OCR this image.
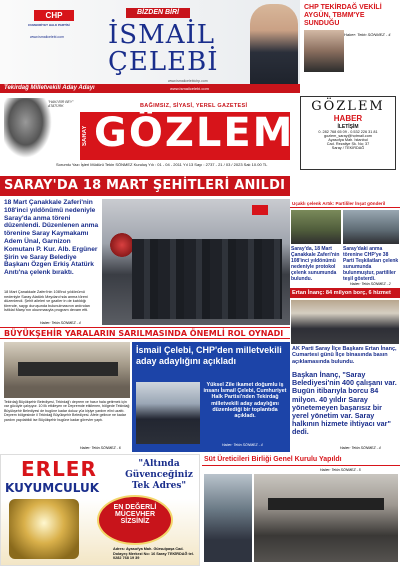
CHP
CUMHURİYET HALK PARTİSİ
www.ismailcelebi.com
BİZDEN BİRİ
İSMAİL
ÇELEBİ
www.ismailcelebichp.com
Tekirdağ Milletvekili Aday Adayı	www.ismailcelebi.com
CHP TEKİRDAĞ VEKİLİ AYGÜN, TBMM'YE SUNDUĞU
Haber: Tekin SÖNMEZ - 4
"HAKİ BİR BEY" ATATÜRK	BAĞIMSIZ, SİYASİ, YEREL GAZETESİ
SARAY GÖZLEM
Sorumlu Yazı İşleri Müdürü Tekin SÖNMEZ Kuruluş Yılı : 01 - 04 - 2011 Yıl 13 Sayı : 2737 - 21 / 03 / 2023 Salı 10.00 TL
GÖZLEM
HABER
İLETİŞİM
0. 282 768 65 09 - 0.532 226 31 81
gozlem_saray@hotmail.com
Ayasofya Mah. İstanbul
Cad. Rezaliye Sk. No: 37
Saray / TEKİRDAĞ
SARAY'DA 18 MART ŞEHİTLERİ ANILDI
18 Mart Çanakkale Zaferi'nin 108'inci yıldönümü nedeniyle Saray'da anma töreni düzenlendi. Düzenlenen anma törenine Saray Kaymakamı Adem Ünal, Garnizon Komutanı P. Kur. Alb. Ergüner Şirin ve Saray Belediye Başkanı Özgen Erkiş Atatürk Anıtı'na çelenk bıraktı.
18 Mart Çanakkale Zaferi'nin 108'inci yıldönümü nedeniyle Saray Atatürk Meydanı'nda anma töreni düzenlendi. Şehit aileleri ve gaziler in de katıldığı törende, saygı duruşunda bulunulmasının ardından İstiklal Marşı'nın okunmasıyla program devam etti.
Haber: Tekin SÖNMEZ - 4
Uçaklı çelenk Artık: Partililer İnşat gönderil
Saray'da, 18 Mart Çanakkale Zaferi'nin 108'inci yıldönümü nedeniyle protokol çelenk sunumunda bulundu.
Saray'daki anma törenine CHP'ye 38 Parti Teşkilatları çelenk sunumunda bulunmuştur, partililer teşil gösterdi.
Haber: Tekin SÖNMEZ - 2
Ertan İnanç: 84 milyon borç, 6 hizmet
BÜYÜKŞEHİR YARALARIN SARILMASINDA ÖNEMLİ ROL OYNADI
Tekirdağ Büyükşehir Belediyesi, Tekirdağ'ı deprem ve hasır hala getirmek için var gücüyle çalışıyor. 10 ilk etkileyen ve Depremde etkilenen, bölgede Tekirdağ Büyükşehir Belediyesi de bugüne kadar dokuz yüz kişiye yardım elini uzattı. Deprem bölgesinde il Tekirdağ Büyükşehir Belediyesi. Afete gelince ne kadar yardım yapılabildi ise Büyükşehir bugüne kadar görevler yaptı.
Haber: Tekin SÖNMEZ - 6
İsmail Çelebi, CHP'den milletvekili aday adaylığını açıkladı
Yüksel Zile ikamet doğumlu iş insanı İsmail Çelebi, Cumhuriyet Halk Partisi'nden Tekirdağ milletvekili aday adaylığını düzenlediği bir toplantıda açıkladı.
Haber: Tekin SÖNMEZ - 4
AK Parti Saray İlçe Başkanı Ertan İnanç, Cumartesi günü İlçe binasında basın açıklamasında bulundu.
Başkan İnanç, "Saray Belediyesi'nin 400 çalışanı var. Bugün itibarıyla borcu 84 milyon. 40 yıldır Saray yönetemeyen başarısız bir yerel yönetim var. Saray halkının hizmete ihtiyacı var" dedi.
Haber: Tekin SÖNMEZ - 4
ERLER
KUYUMCULUK
"Altında
Güvenceğiniz
Tek Adres"
EN DEĞERLİ
MÜCEVHER
SİZSİNİZ
Adres: Ayasofya Mah. Gürsulpaşa Cad. Dolayeç Merkezi No: 16 Saray TEKİRDAĞ tel. 0282 768 19 39
Süt Üreticileri Birliği Genel Kurulu Yapıldı
Haber: Tekin SÖNMEZ - 5
